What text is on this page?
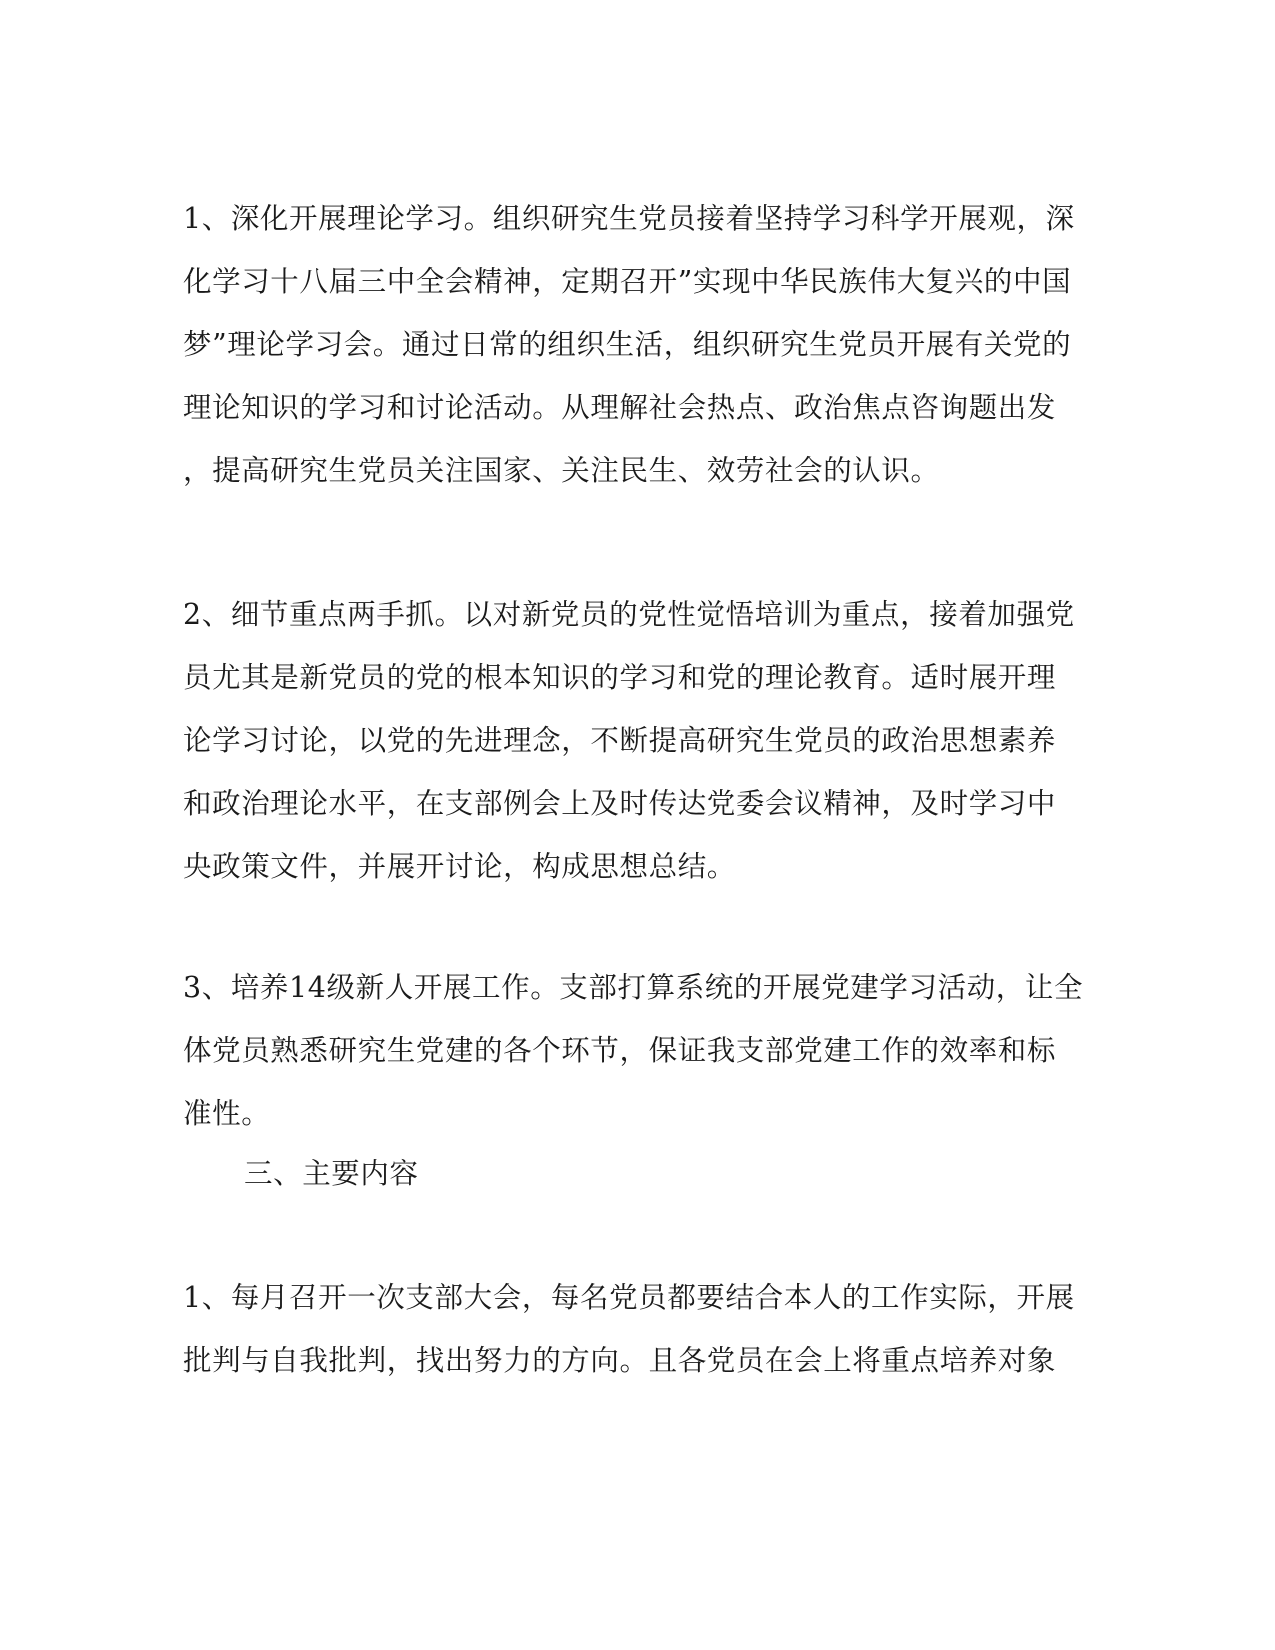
1、深化开展理论学习。组织研究生党员接着坚持学习科学开展观，深
化学习十八届三中全会精神，定期召开”实现中华民族伟大复兴的中国
梦”理论学习会。通过日常的组织生活，组织研究生党员开展有关党的
理论知识的学习和讨论活动。从理解社会热点、政治焦点咨询题出发
，提高研究生党员关注国家、关注民生、效劳社会的认识。
2、细节重点两手抓。以对新党员的党性觉悟培训为重点，接着加强党
员尤其是新党员的党的根本知识的学习和党的理论教育。适时展开理
论学习讨论，以党的先进理念，不断提高研究生党员的政治思想素养
和政治理论水平，在支部例会上及时传达党委会议精神，及时学习中
央政策文件，并展开讨论，构成思想总结。
3、培养14级新人开展工作。支部打算系统的开展党建学习活动，让全
体党员熟悉研究生党建的各个环节，保证我支部党建工作的效率和标
准性。
三、主要内容
1、每月召开一次支部大会，每名党员都要结合本人的工作实际，开展
批判与自我批判，找出努力的方向。且各党员在会上将重点培养对象
